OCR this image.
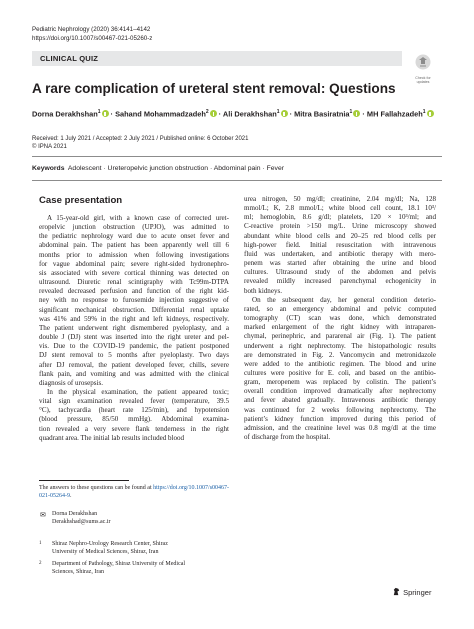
Pediatric Nephrology (2020) 36:4141–4142
https://doi.org/10.1007/s00467-021-05260-z
CLINICAL QUIZ
Check for
updates
A rare complication of ureteral stent removal: Questions
Dorna Derakhshan$^1$ · Sahand Mohammadzadeh$^2$ · Ali Derakhshan$^1$ · Mitra Basiratnia$^1$ · MH Fallahzadeh$^1$
Received: 1 July 2021 / Accepted: 2 July 2021 / Published online: 6 October 2021
© IPNA 2021
Keywords Adolescent · Ureteropelvic junction obstruction · Abdominal pain · Fever
Case presentation
A 15-year-old girl, with a known case of corrected uret-
eropelvic junction obstruction (UPJO), was admitted to
the pediatric nephrology ward due to acute onset fever and
abdominal pain. The patient has been apparently well till 6
months prior to admission when following investigations
for vague abdominal pain; severe right-sided hydronephro-
sis associated with severe cortical thinning was detected on
ultrasound. Diuretic renal scintigraphy with Tc99m-DTPA
revealed decreased perfusion and function of the right kid-
ney with no response to furosemide injection suggestive of
significant mechanical obstruction. Differential renal uptake
was 41% and 59% in the right and left kidneys, respectively.
The patient underwent right dismembered pyeloplasty, and a
double J (DJ) stent was inserted into the right ureter and pel-
vis. Due to the COVID-19 pandemic, the patient postponed
DJ stent removal to 5 months after pyeloplasty. Two days
after DJ removal, the patient developed fever, chills, severe
flank pain, and vomiting and was admitted with the clinical
diagnosis of urosepsis.
In the physical examination, the patient appeared toxic;
vital sign examination revealed fever (temperature, 39.5
°C), tachycardia (heart rate 125/min), and hypotension
(blood pressure, 85/50 mmHg). Abdominal examina-
tion revealed a very severe flank tenderness in the right
quadrant area. The initial lab results included blood
urea nitrogen, 50 mg/dl; creatinine, 2.04 mg/dl; Na, 128
mmol/L; K, 2.8 mmol/L; white blood cell count, 18.1 10³/
ml; hemoglobin, 8.6 g/dl; platelets, 120 × 10³/ml; and
C-reactive protein >150 mg/L. Urine microscopy showed
abundant white blood cells and 20–25 red blood cells per
high-power field. Initial resuscitation with intravenous
fluid was undertaken, and antibiotic therapy with mero-
penem was started after obtaining the urine and blood
cultures. Ultrasound study of the abdomen and pelvis
revealed mildly increased parenchymal echogenicity in
both kidneys.
On the subsequent day, her general condition deterio-
rated, so an emergency abdominal and pelvic computed
tomography (CT) scan was done, which demonstrated
marked enlargement of the right kidney with intraparen-
chymal, perinephric, and pararenal air (Fig. 1). The patient
underwent a right nephrectomy. The histopathologic results
are demonstrated in Fig. 2. Vancomycin and metronidazole
were added to the antibiotic regimen. The blood and urine
cultures were positive for E. coli, and based on the antibio-
gram, meropenem was replaced by colistin. The patient’s
overall condition improved dramatically after nephrectomy
and fever abated gradually. Intravenous antibiotic therapy
was continued for 2 weeks following nephrectomy. The
patient’s kidney function improved during this period of
admission, and the creatinine level was 0.8 mg/dl at the time
of discharge from the hospital.
The answers to these questions can be found at https://doi.org/10.1007/s00467-021-05264-9.
Dorna Derakhshan
Derakhshad@sums.ac.ir
✉
1 Shiraz Nephro-Urology Research Center, Shiraz
University of Medical Sciences, Shiraz, Iran
2 Department of Pathology, Shiraz University of Medical
Sciences, Shiraz, Iran
Springer
